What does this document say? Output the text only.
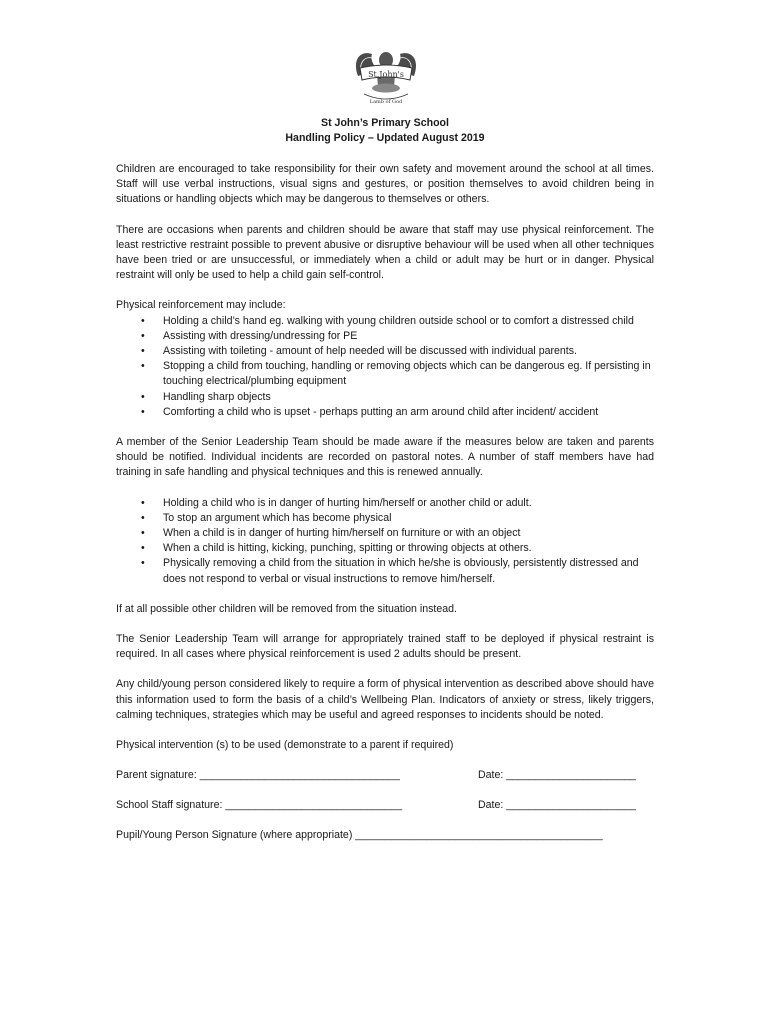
St.John's
Lamb of God
St John’s Primary School
Handling Policy – Updated August 2019

Children are encouraged to take responsibility for their own safety and movement around the school at all times. Staff will use verbal instructions, visual signs and gestures, or position themselves to avoid children being in situations or handling objects which may be dangerous to themselves or others.

There are occasions when parents and children should be aware that staff may use physical reinforcement. The least restrictive restraint possible to prevent abusive or disruptive behaviour will be used when all other techniques have been tried or are unsuccessful, or immediately when a child or adult may be hurt or in danger. Physical restraint will only be used to help a child gain self-control.

Physical reinforcement may include:

• Holding a child’s hand eg. walking with young children outside school or to comfort a distressed child
• Assisting with dressing/undressing for PE
• Assisting with toileting - amount of help needed will be discussed with individual parents.
• Stopping a child from touching, handling or removing objects which can be dangerous eg. If persisting in touching electrical/plumbing equipment
• Handling sharp objects
• Comforting a child who is upset - perhaps putting an arm around child after incident/ accident

A member of the Senior Leadership Team should be made aware if the measures below are taken and parents should be notified. Individual incidents are recorded on pastoral notes. A number of staff members have had training in safe handling and physical techniques and this is renewed annually.

• Holding a child who is in danger of hurting him/herself or another child or adult.
• To stop an argument which has become physical
• When a child is in danger of hurting him/herself on furniture or with an object
• When a child is hitting, kicking, punching, spitting or throwing objects at others.
• Physically removing a child from the situation in which he/she is obviously, persistently distressed and does not respond to verbal or visual instructions to remove him/herself.

If at all possible other children will be removed from the situation instead.

The Senior Leadership Team will arrange for appropriately trained staff to be deployed if physical restraint is required. In all cases where physical reinforcement is used 2 adults should be present.

Any child/young person considered likely to require a form of physical intervention as described above should have this information used to form the basis of a child’s Wellbeing Plan. Indicators of anxiety or stress, likely triggers, calming techniques, strategies which may be useful and agreed responses to incidents should be noted.

Physical intervention (s) to be used (demonstrate to a parent if required)

Parent signature: __________________________________	Date: ______________________
School Staff signature: ______________________________	Date: ______________________
Pupil/Young Person Signature (where appropriate) __________________________________________
